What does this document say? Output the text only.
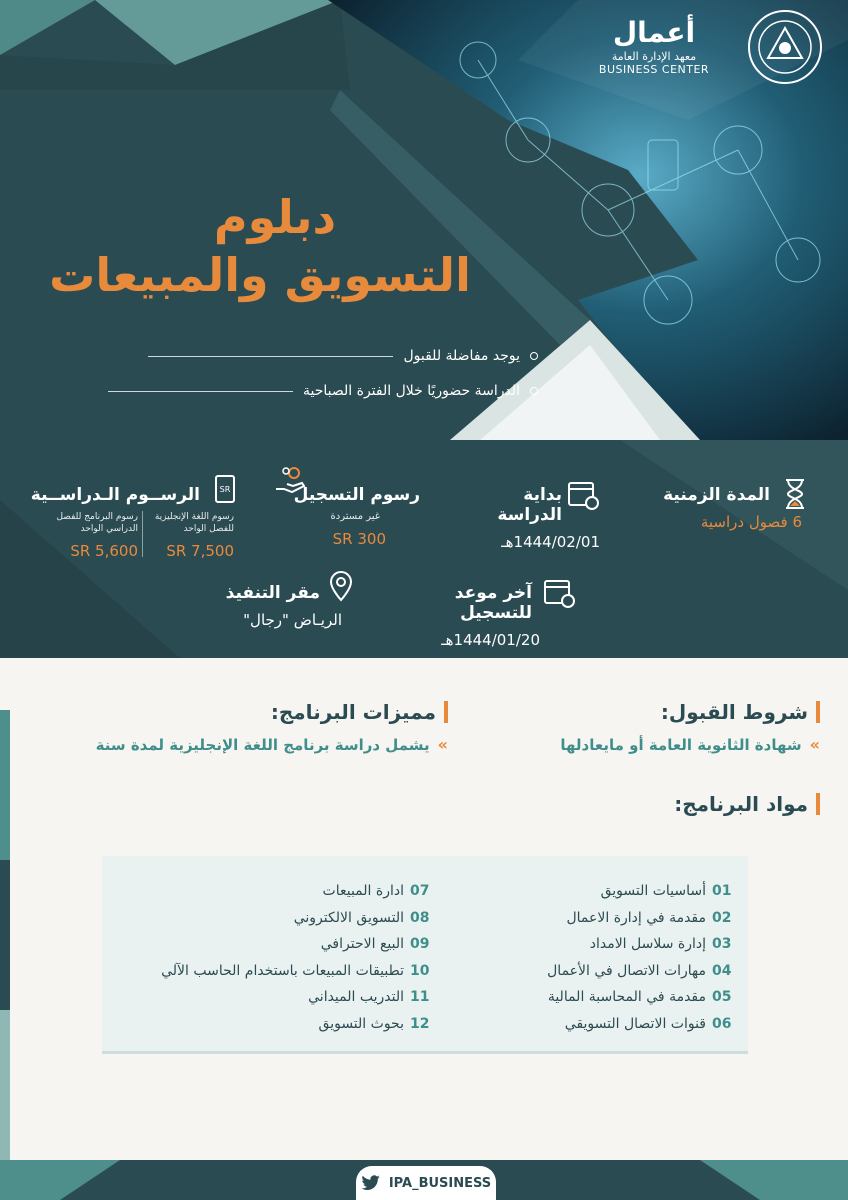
أعمال
معهد الإدارة العامة
BUSINESS CENTER
دبلوم
التسويق والمبيعات
يوجد مفاضلة للقبول
الدراسة حضوريًا خلال الفترة الصباحية
المدة الزمنية
6 فصول دراسية
بداية الدراسة
1444/02/01هـ
رسوم التسجيل
غير مستردة
300 SR
SR
الرســوم الـدراســية
رسوم اللغة الإنجليزية للفصل الواحد
7,500 SR
رسوم البرنامج للفصل الدراسي الواحد
5,600 SR
آخر موعد للتسجيل
1444/01/20هـ
مقر التنفيذ
الريـاض "رجال"
شروط القبول:
»
شهادة الثانوية العامة أو مايعادلها
مميزات البرنامج:
»
يشمل دراسة برنامج اللغة الإنجليزية لمدة سنة
مواد البرنامج:
01
أساسيات التسويق
02
مقدمة في إدارة الاعمال
03
إدارة سلاسل الامداد
04
مهارات الاتصال في الأعمال
05
مقدمة في المحاسبة المالية
06
قنوات الاتصال التسويقي
07
ادارة المبيعات
08
التسويق الالكتروني
09
البيع الاحترافي
10
تطبيقات المبيعات باستخدام الحاسب الآلي
11
التدريب الميداني
12
بحوث التسويق
IPA_BUSINESS
